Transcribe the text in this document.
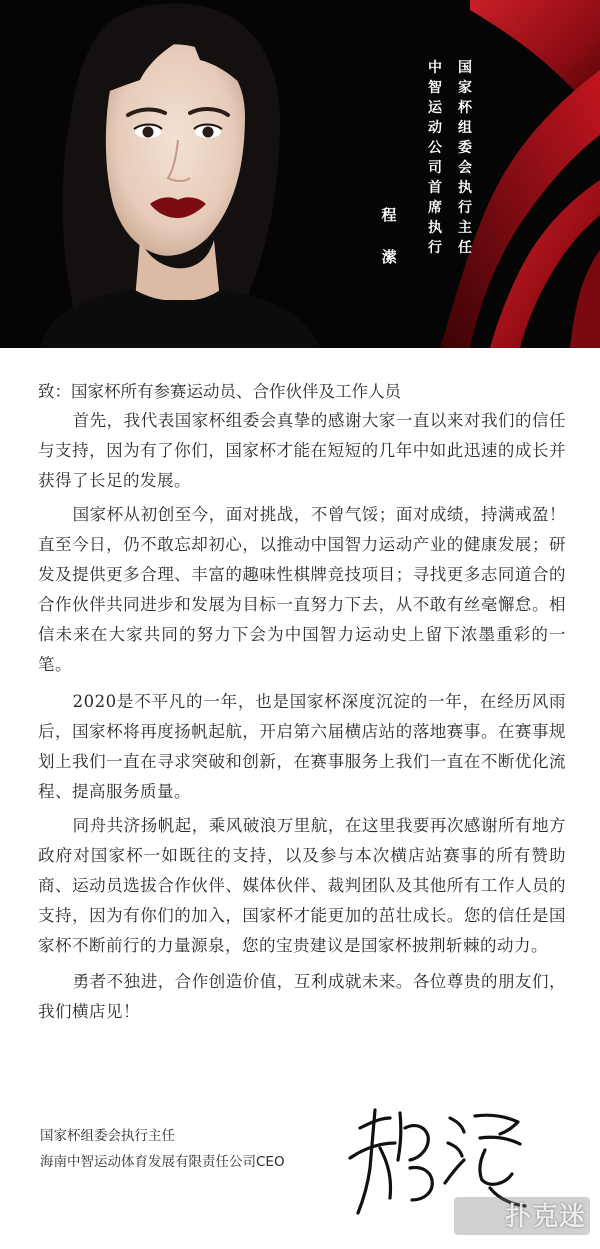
国家杯组委会执行主任
中智运动公司首席执行
程潆
致：国家杯所有参赛运动员、合作伙伴及工作人员

首先，我代表国家杯组委会真挚的感谢大家一直以来对我们的信任与支持，因为有了你们，国家杯才能在短短的几年中如此迅速的成长并获得了长足的发展。

国家杯从初创至今，面对挑战，不曾气馁；面对成绩，持满戒盈！直至今日，仍不敢忘却初心，以推动中国智力运动产业的健康发展；研发及提供更多合理、丰富的趣味性棋牌竞技项目；寻找更多志同道合的合作伙伴共同进步和发展为目标一直努力下去，从不敢有丝毫懈怠。相信未来在大家共同的努力下会为中国智力运动史上留下浓墨重彩的一笔。

2020是不平凡的一年，也是国家杯深度沉淀的一年，在经历风雨后，国家杯将再度扬帆起航，开启第六届横店站的落地赛事。在赛事规划上我们一直在寻求突破和创新，在赛事服务上我们一直在不断优化流程、提高服务质量。

同舟共济扬帆起，乘风破浪万里航，在这里我要再次感谢所有地方政府对国家杯一如既往的支持，以及参与本次横店站赛事的所有赞助商、运动员选拔合作伙伴、媒体伙伴、裁判团队及其他所有工作人员的支持，因为有你们的加入，国家杯才能更加的茁壮成长。您的信任是国家杯不断前行的力量源泉，您的宝贵建议是国家杯披荆斩棘的动力。

勇者不独进，合作创造价值，互利成就未来。各位尊贵的朋友们，我们横店见！

国家杯组委会执行主任
海南中智运动体育发展有限责任公司CEO
扑克迷
